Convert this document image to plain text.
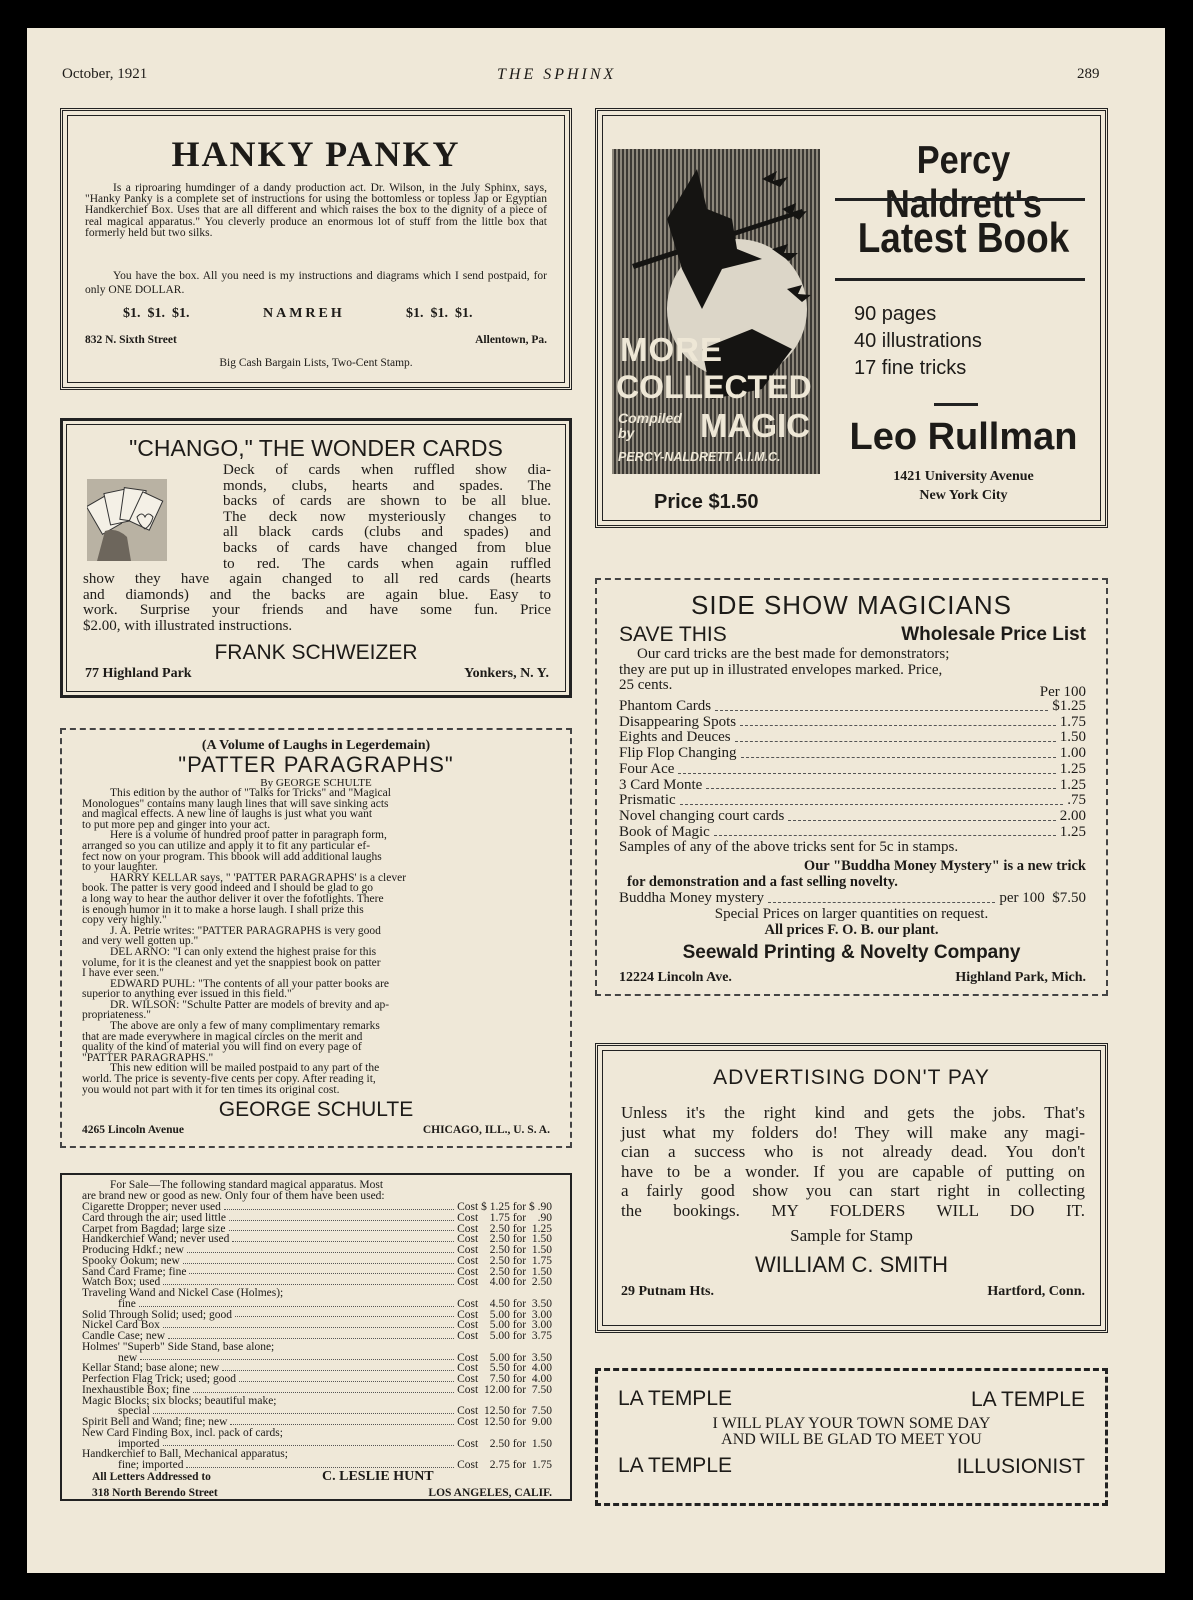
October, 1921	THE SPHINX	289
HANKY PANKY
Is a riproaring humdinger of a dandy production act. Dr. Wilson, in the July Sphinx, says, "Hanky Panky is a complete set of instructions for using the bottomless or topless Jap or Egyptian Handkerchief Box. Uses that are all different and which raises the box to the dignity of a piece of real magical apparatus." You cleverly produce an enormous lot of stuff from the little box that formerly held but two silks.
You have the box. All you need is my instructions and diagrams which I send postpaid, for only ONE DOLLAR.
$1.  $1.  $1.	NAMREH	$1.  $1.  $1.
832 N. Sixth Street	Allentown, Pa.
Big Cash Bargain Lists, Two-Cent Stamp.
"CHANGO," THE WONDER CARDS
Deck of cards when ruffled show dia-
monds, clubs, hearts and spades. The
backs of cards are shown to be all blue.
The deck now mysteriously changes to
all black cards (clubs and spades) and
backs of cards have changed from blue
to red. The cards when again ruffled
show they have again changed to all red cards (hearts
and diamonds) and the backs are again blue. Easy to
work. Surprise your friends and have some fun. Price
$2.00, with illustrated instructions.
FRANK SCHWEIZER
77 Highland Park	Yonkers, N. Y.
(A Volume of Laughs in Legerdemain)
"PATTER PARAGRAPHS"
By GEORGE SCHULTE
This edition by the author of "Talks for Tricks" and "Magical
Monologues" contains many laugh lines that will save sinking acts
and magical effects. A new line of laughs is just what you want
to put more pep and ginger into your act.
Here is a volume of hundred proof patter in paragraph form,
arranged so you can utilize and apply it to fit any particular ef-
fect now on your program. This bbook will add additional laughs
to your laughter.
HARRY KELLAR says, " 'PATTER PARAGRAPHS' is a clever
book. The patter is very good indeed and I should be glad to go
a long way to hear the author deliver it over the fofotlights. There
is enough humor in it to make a horse laugh. I shall prize this
copy very highly."
J. A. Petrie writes: "PATTER PARAGRAPHS is very good
and very well gotten up."
DEL ARNO: "I can only extend the highest praise for this
volume, for it is the cleanest and yet the snappiest book on patter
I have ever seen."
EDWARD PUHL: "The contents of all your patter books are
superior to anything ever issued in this field."
DR. WILSON: "Schulte Patter are models of brevity and ap-
propriateness."
The above are only a few of many complimentary remarks
that are made everywhere in magical circles on the merit and
quality of the kind of material you will find on every page of
"PATTER PARAGRAPHS."
This new edition will be mailed postpaid to any part of the
world. The price is seventy-five cents per copy. After reading it,
you would not part with it for ten times its original cost.
GEORGE SCHULTE
4265 Lincoln Avenue	CHICAGO, ILL., U. S. A.
For Sale—The following standard magical apparatus. Most
are brand new or good as new. Only four of them have been used:
Cigarette Dropper; never used	Cost $ 1.25 for $ .90
Card through the air; used little	Cost    1.75 for    .90
Carpet from Bagdad; large size	Cost    2.50 for  1.25
Handkerchief Wand; never used	Cost    2.50 for  1.50
Producing Hdkf.; new	Cost    2.50 for  1.50
Spooky Ookum; new	Cost    2.50 for  1.75
Sand Card Frame; fine	Cost    2.50 for  1.50
Watch Box; used	Cost    4.00 for  2.50
Traveling Wand and Nickel Case (Holmes);
fine	Cost    4.50 for  3.50
Solid Through Solid; used; good	Cost    5.00 for  3.00
Nickel Card Box	Cost    5.00 for  3.00
Candle Case; new	Cost    5.00 for  3.75
Holmes' "Superb" Side Stand, base alone;
new	Cost    5.00 for  3.50
Kellar Stand; base alone; new	Cost    5.50 for  4.00
Perfection Flag Trick; used; good	Cost    7.50 for  4.00
Inexhaustible Box; fine	Cost  12.00 for  7.50
Magic Blocks; six blocks; beautiful make;
special	Cost  12.50 for  7.50
Spirit Bell and Wand; fine; new	Cost  12.50 for  9.00
New Card Finding Box, incl. pack of cards;
imported	Cost    2.50 for  1.50
Handkerchief to Ball, Mechanical apparatus;
fine; imported	Cost    2.75 for  1.75
All Letters Addressed to	C. LESLIE HUNT
318 North Berendo Street	LOS ANGELES, CALIF.
MORE
COLLECTED
Compiled by	MAGIC
PERCY-NALDRETT A.I.M.C.
Price $1.50
Percy Naldrett's
Latest Book
90 pages
40 illustrations
17 fine tricks
Leo Rullman
1421 University Avenue
New York City
SIDE SHOW MAGICIANS
SAVE THIS	Wholesale Price List
Our card tricks are the best made for demonstrators;
they are put up in illustrated envelopes marked. Price,
25 cents.	Per 100
Phantom Cards	$1.25
Disappearing Spots	1.75
Eights and Deuces	1.50
Flip Flop Changing	1.00
Four Ace	1.25
3 Card Monte	1.25
Prismatic	.75
Novel changing court cards	2.00
Book of Magic	1.25
Samples of any of the above tricks sent for 5c in stamps.
Our "Buddha Money Mystery" is a new trick
for demonstration and a fast selling novelty.
Buddha Money mystery	per 100  $7.50
Special Prices on larger quantities on request.
All prices F. O. B. our plant.
Seewald Printing & Novelty Company
12224 Lincoln Ave.	Highland Park, Mich.
ADVERTISING DON'T PAY
Unless it's the right kind and gets the jobs. That's
just what my folders do! They will make any magi-
cian a success who is not already dead. You don't
have to be a wonder. If you are capable of putting on
a fairly good show you can start right in collecting
the bookings. MY FOLDERS WILL DO IT.
Sample for Stamp
WILLIAM C. SMITH
29 Putnam Hts.	Hartford, Conn.
LA TEMPLE	LA TEMPLE
I WILL PLAY YOUR TOWN SOME DAY
AND WILL BE GLAD TO MEET YOU
LA TEMPLE	ILLUSIONIST
